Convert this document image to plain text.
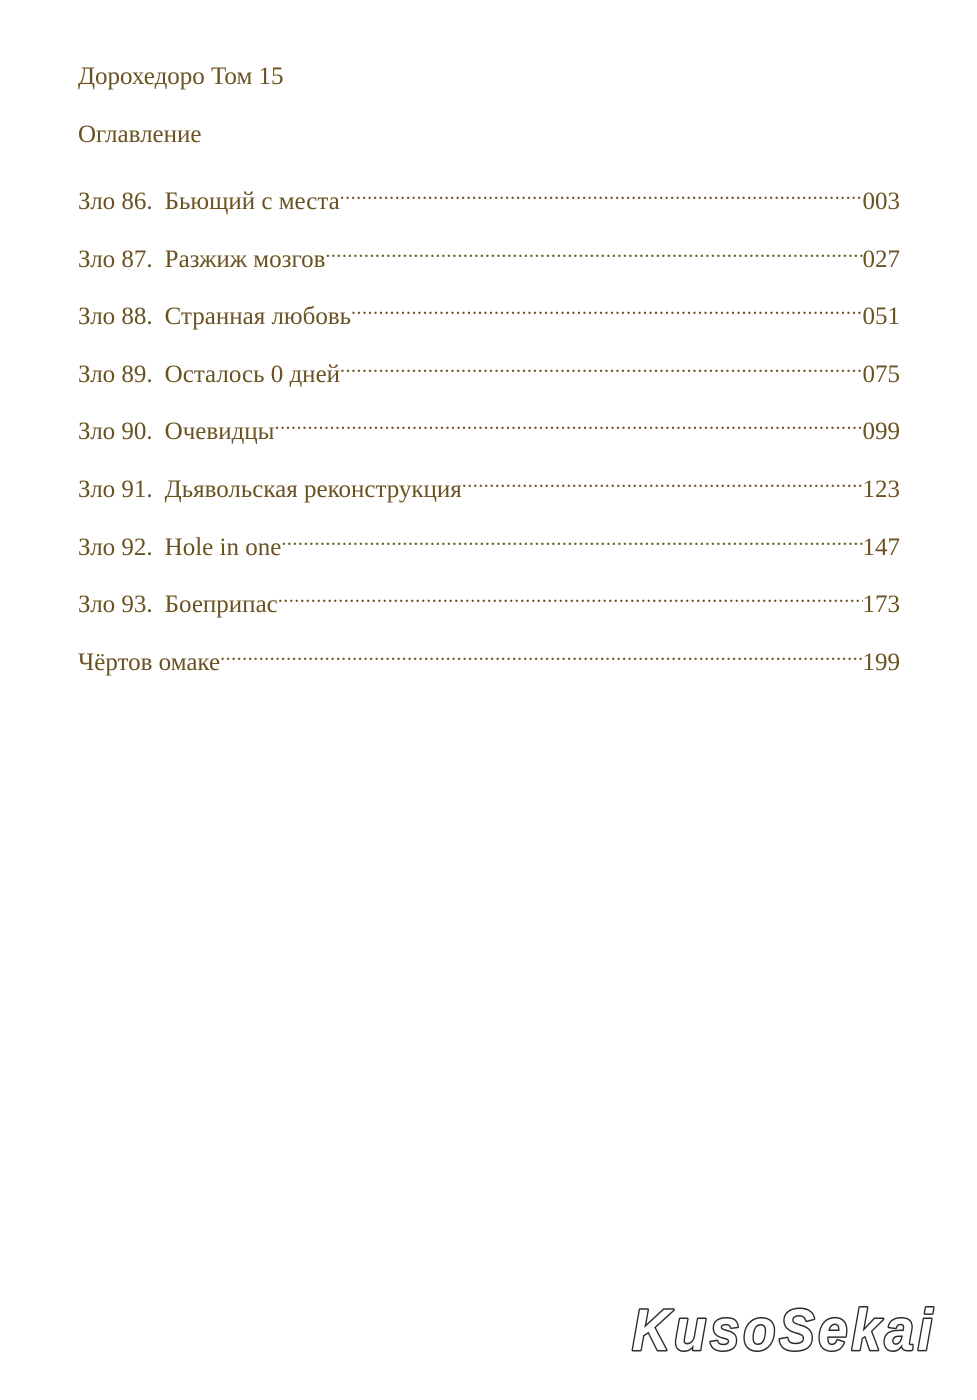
Дорохедоро Том 15
Оглавление
Зло 86. Бьющий с места .....	003
Зло 87. Разжиж мозгов .....	027
Зло 88. Странная любовь .....	051
Зло 89. Осталось 0 дней .....	075
Зло 90. Очевидцы .....	099
Зло 91. Дьявольская реконструкция .....	123
Зло 92. Hole in one .....	147
Зло 93. Боеприпас .....	173
Чёртов омаке .....	199
KusoSekai
